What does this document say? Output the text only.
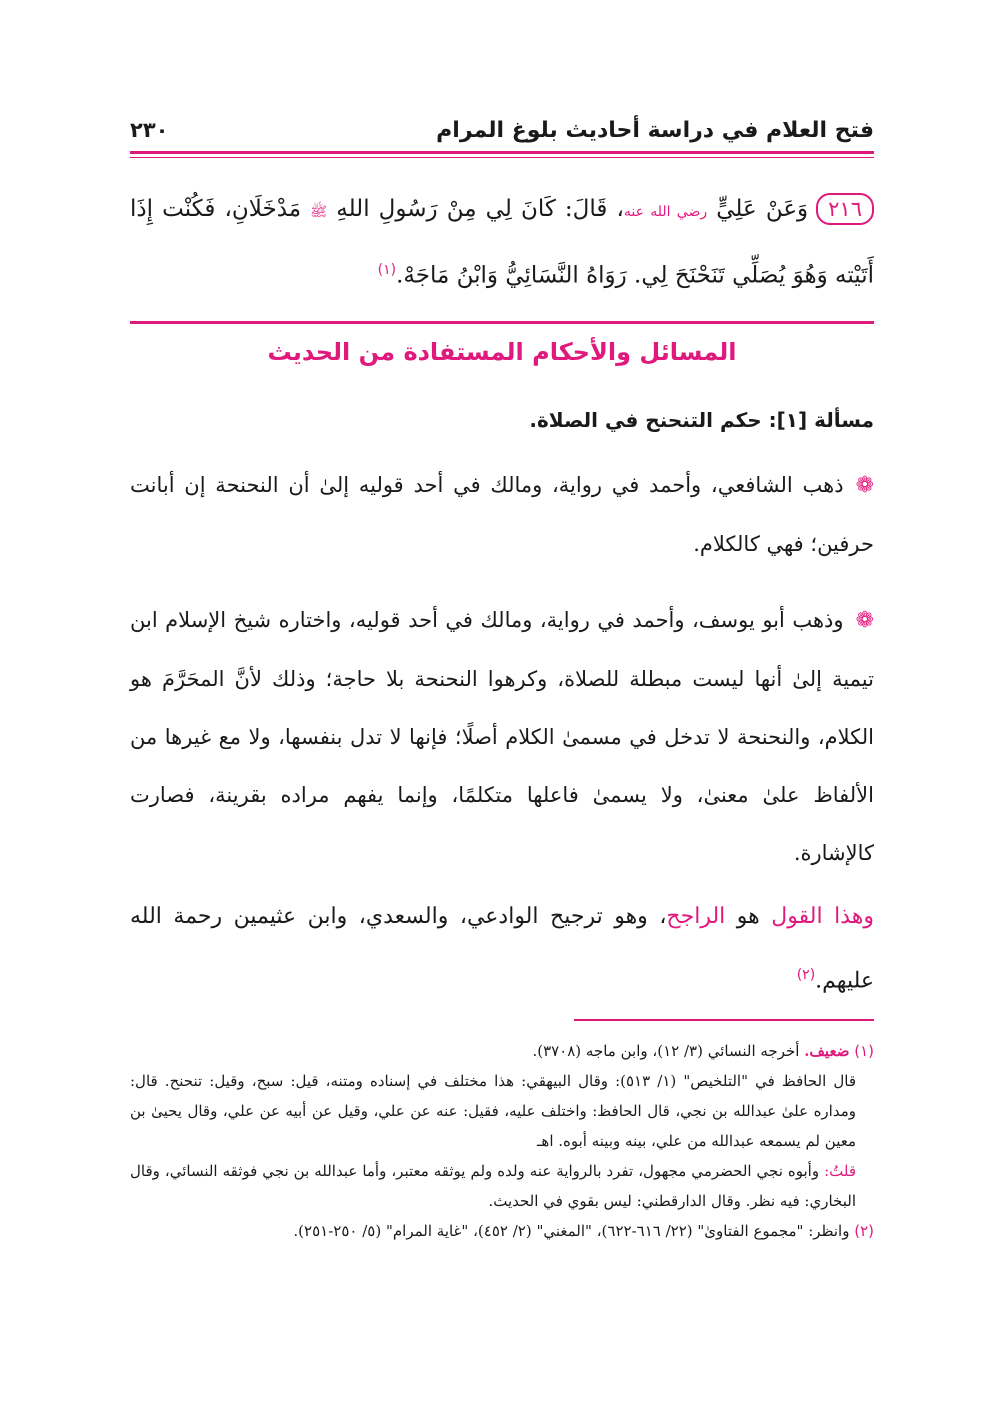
فتح العلام في دراسة أحاديث بلوغ المرام
٢٣٠
٢١٦وَعَنْ عَلِيٍّ رضي الله عنه، قَالَ: كَانَ لِي مِنْ رَسُولِ اللهِ ﷺ مَدْخَلَانِ، فَكُنْت إِذَا أَتَيْته وَهُوَ يُصَلِّي تَنَحْنَحَ لِي. رَوَاهُ النَّسَائِيُّ وَابْنُ مَاجَهْ.$^{(١)}$
المسائل والأحكام المستفادة من الحديث
مسألة [١]: حكم التنحنح في الصلاة.
❁ذهب الشافعي، وأحمد في رواية، ومالك في أحد قوليه إلىٰ أن النحنحة إن أبانت حرفين؛ فهي كالكلام.
❁وذهب أبو يوسف، وأحمد في رواية، ومالك في أحد قوليه، واختاره شيخ الإسلام ابن تيمية إلىٰ أنها ليست مبطلة للصلاة، وكرهوا النحنحة بلا حاجة؛ وذلك لأنَّ المحَرَّمَ هو الكلام، والنحنحة لا تدخل في مسمىٰ الكلام أصلًا؛ فإنها لا تدل بنفسها، ولا مع غيرها من الألفاظ علىٰ معنىٰ، ولا يسمىٰ فاعلها متكلمًا، وإنما يفهم مراده بقرينة، فصارت كالإشارة.
وهذا القول هو الراجح، وهو ترجيح الوادعي، والسعدي، وابن عثيمين رحمة الله عليهم.$^{(٢)}$

(١) ضعيف. أخرجه النسائي (٣/ ١٢)، وابن ماجه (٣٧٠٨).

قال الحافظ في "التلخيص" (١/ ٥١٣): وقال البيهقي: هذا مختلف في إسناده ومتنه، قيل: سبح، وقيل: تنحنح. قال: ومداره علىٰ عبدالله بن نجي، قال الحافظ: واختلف عليه، فقيل: عنه عن علي، وقيل عن أبيه عن علي، وقال يحيىٰ بن معين لم يسمعه عبدالله من علي، بينه وبينه أبوه. اهـ

قلتُ: وأبوه نجي الحضرمي مجهول، تفرد بالرواية عنه ولده ولم يوثقه معتبر، وأما عبدالله بن نجي فوثقه النسائي، وقال البخاري: فيه نظر. وقال الدارقطني: ليس بقوي في الحديث.

(٢) وانظر: "مجموع الفتاوىٰ" (٢٢/ ٦١٦-٦٢٢)، "المغني" (٢/ ٤٥٢)، "غاية المرام" (٥/ ٢٥٠-٢٥١).
